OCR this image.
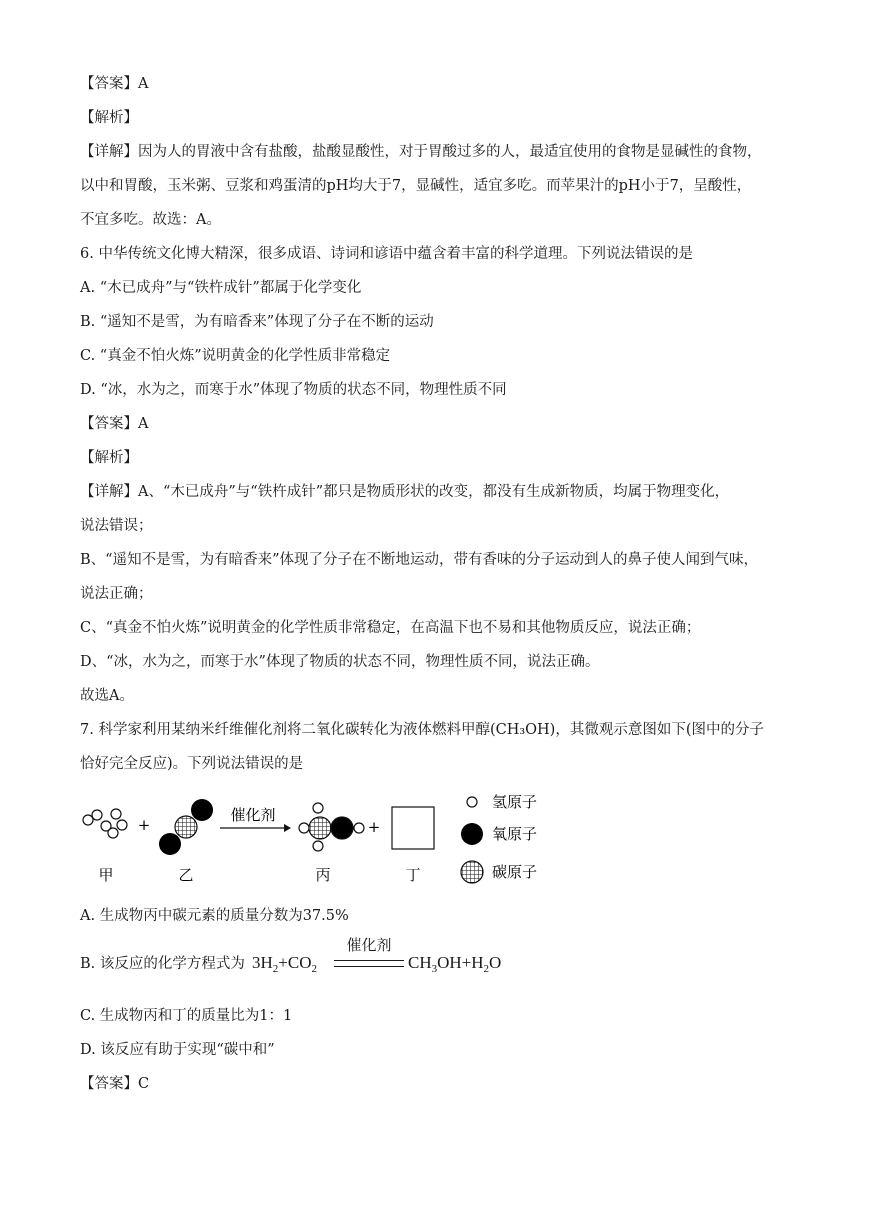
【答案】A
【解析】
【详解】因为人的胃液中含有盐酸，盐酸显酸性，对于胃酸过多的人，最适宜使用的食物是显碱性的食物，
以中和胃酸，玉米粥、豆浆和鸡蛋清的pH均大于7，显碱性，适宜多吃。而苹果汁的pH小于7，呈酸性，
不宜多吃。故选：A。
6. 中华传统文化博大精深，很多成语、诗词和谚语中蕴含着丰富的科学道理。下列说法错误的是
A. “木已成舟”与“铁杵成针”都属于化学变化
B. “遥知不是雪，为有暗香来”体现了分子在不断的运动
C. “真金不怕火炼”说明黄金的化学性质非常稳定
D. “冰，水为之，而寒于水”体现了物质的状态不同，物理性质不同
【答案】A
【解析】
【详解】A、“木已成舟”与“铁杵成针”都只是物质形状的改变，都没有生成新物质，均属于物理变化，
说法错误；
B、“遥知不是雪，为有暗香来”体现了分子在不断地运动，带有香味的分子运动到人的鼻子使人闻到气味，
说法正确；
C、“真金不怕火炼”说明黄金的化学性质非常稳定，在高温下也不易和其他物质反应，说法正确；
D、“冰，水为之，而寒于水”体现了物质的状态不同，物理性质不同，说法正确。
故选A。
7. 科学家利用某纳米纤维催化剂将二氧化碳转化为液体燃料甲醇(CH₃OH)，其微观示意图如下(图中的分子
恰好完全反应)。下列说法错误的是
+
催化剂
+
甲	乙	丙	丁
氢原子
氧原子
碳原子
A. 生成物丙中碳元素的质量分数为37.5%
B. 该反应的化学方程式为
催化剂
$3H_2+CO_2$	$CH_3OH+H_2O$
C. 生成物丙和丁的质量比为1：1
D. 该反应有助于实现“碳中和”
【答案】C
